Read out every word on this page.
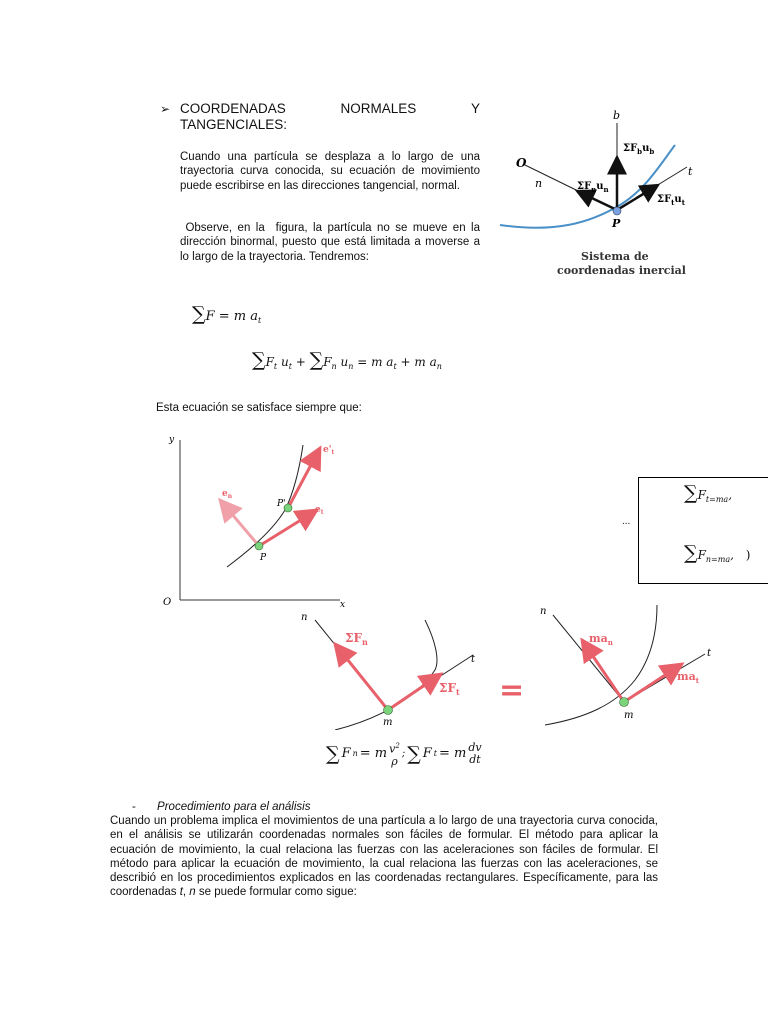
➢ COORDENADAS	NORMALES	Y
TANGENCIALES:
Cuando una partícula se desplaza a lo largo de una trayectoria curva conocida, su ecuación de movimiento puede escribirse en las direcciones tangencial, normal.
Observe, en la  figura, la partícula no se mueve en la dirección binormal, puesto que está limitada a moverse a lo largo de la trayectoria. Tendremos:
b
O
n
t
P
$\Sigma F_bu_b$
$\Sigma F_nu_n$
$\Sigma F_tu_t$
Sistema de
coordenadas inercial
∑F = m $a_t$
$\sum F_t$ $u_t + \sum F_n$ $u_n = m$ $a_t + m$ $a_n$
Esta ecuación se satisface siempre que:
y
O	x
P
P'
$e_n$
$e_t$
$e'_t$
$\sum F_{t=ma}$,
$\sum F_{n=ma}$, )
...
n
t
m
$\Sigma F_n$
$\Sigma F_t$ =
n
t
m
$ma_n$
$ma_t$
∑ F n = m $v^2$
ρ
; ∑ F t = m dv
dt
- Procedimiento para el análisis
Cuando un problema implica el movimientos de una partícula a lo largo de una trayectoria curva conocida, en el análisis se utilizarán coordenadas normales son fáciles de formular. El método para aplicar la ecuación de movimiento, la cual relaciona las fuerzas con las aceleraciones son fáciles de formular. El método para aplicar la ecuación de movimiento, la cual relaciona las fuerzas con las aceleraciones, se describió en los procedimientos explicados en las coordenadas rectangulares. Específicamente, para las coordenadas t, n se puede formular como sigue:
